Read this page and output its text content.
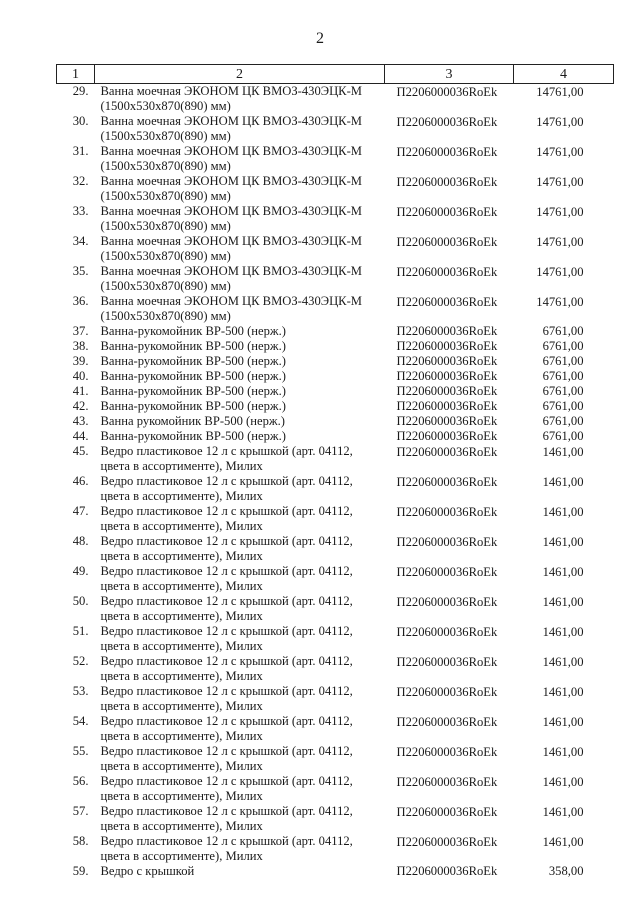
2
1	2	3	4
29.	Ванна моечная ЭКОНОМ ЦК ВМОЗ-430ЭЦК-М
(1500x530x870(890) мм)	П2206000036RoEk	14761,00
30.	Ванна моечная ЭКОНОМ ЦК ВМОЗ-430ЭЦК-М
(1500x530x870(890) мм)	П2206000036RoEk	14761,00
31.	Ванна моечная ЭКОНОМ ЦК ВМОЗ-430ЭЦК-М
(1500x530x870(890) мм)	П2206000036RoEk	14761,00
32.	Ванна моечная ЭКОНОМ ЦК ВМОЗ-430ЭЦК-М
(1500x530x870(890) мм)	П2206000036RoEk	14761,00
33.	Ванна моечная ЭКОНОМ ЦК ВМОЗ-430ЭЦК-М
(1500x530x870(890) мм)	П2206000036RoEk	14761,00
34.	Ванна моечная ЭКОНОМ ЦК ВМОЗ-430ЭЦК-М
(1500x530x870(890) мм)	П2206000036RoEk	14761,00
35.	Ванна моечная ЭКОНОМ ЦК ВМОЗ-430ЭЦК-М
(1500x530x870(890) мм)	П2206000036RoEk	14761,00
36.	Ванна моечная ЭКОНОМ ЦК ВМОЗ-430ЭЦК-М
(1500x530x870(890) мм)	П2206000036RoEk	14761,00
37.	Ванна-рукомойник ВР-500 (нерж.)	П2206000036RoEk	6761,00
38.	Ванна-рукомойник ВР-500 (нерж.)	П2206000036RoEk	6761,00
39.	Ванна-рукомойник ВР-500 (нерж.)	П2206000036RoEk	6761,00
40.	Ванна-рукомойник ВР-500 (нерж.)	П2206000036RoEk	6761,00
41.	Ванна-рукомойник ВР-500 (нерж.)	П2206000036RoEk	6761,00
42.	Ванна-рукомойник ВР-500 (нерж.)	П2206000036RoEk	6761,00
43.	Ванна рукомойник ВР-500 (нерж.)	П2206000036RoEk	6761,00
44.	Ванна-рукомойник ВР-500 (нерж.)	П2206000036RoEk	6761,00
45.	Ведро пластиковое 12 л с крышкой (арт. 04112,
цвета в ассортименте), Милих	П2206000036RoEk	1461,00
46.	Ведро пластиковое 12 л с крышкой (арт. 04112,
цвета в ассортименте), Милих	П2206000036RoEk	1461,00
47.	Ведро пластиковое 12 л с крышкой (арт. 04112,
цвета в ассортименте), Милих	П2206000036RoEk	1461,00
48.	Ведро пластиковое 12 л с крышкой (арт. 04112,
цвета в ассортименте), Милих	П2206000036RoEk	1461,00
49.	Ведро пластиковое 12 л с крышкой (арт. 04112,
цвета в ассортименте), Милих	П2206000036RoEk	1461,00
50.	Ведро пластиковое 12 л с крышкой (арт. 04112,
цвета в ассортименте), Милих	П2206000036RoEk	1461,00
51.	Ведро пластиковое 12 л с крышкой (арт. 04112,
цвета в ассортименте), Милих	П2206000036RoEk	1461,00
52.	Ведро пластиковое 12 л с крышкой (арт. 04112,
цвета в ассортименте), Милих	П2206000036RoEk	1461,00
53.	Ведро пластиковое 12 л с крышкой (арт. 04112,
цвета в ассортименте), Милих	П2206000036RoEk	1461,00
54.	Ведро пластиковое 12 л с крышкой (арт. 04112,
цвета в ассортименте), Милих	П2206000036RoEk	1461,00
55.	Ведро пластиковое 12 л с крышкой (арт. 04112,
цвета в ассортименте), Милих	П2206000036RoEk	1461,00
56.	Ведро пластиковое 12 л с крышкой (арт. 04112,
цвета в ассортименте), Милих	П2206000036RoEk	1461,00
57.	Ведро пластиковое 12 л с крышкой (арт. 04112,
цвета в ассортименте), Милих	П2206000036RoEk	1461,00
58.	Ведро пластиковое 12 л с крышкой (арт. 04112,
цвета в ассортименте), Милих	П2206000036RoEk	1461,00
59.	Ведро с крышкой	П2206000036RoEk	358,00
